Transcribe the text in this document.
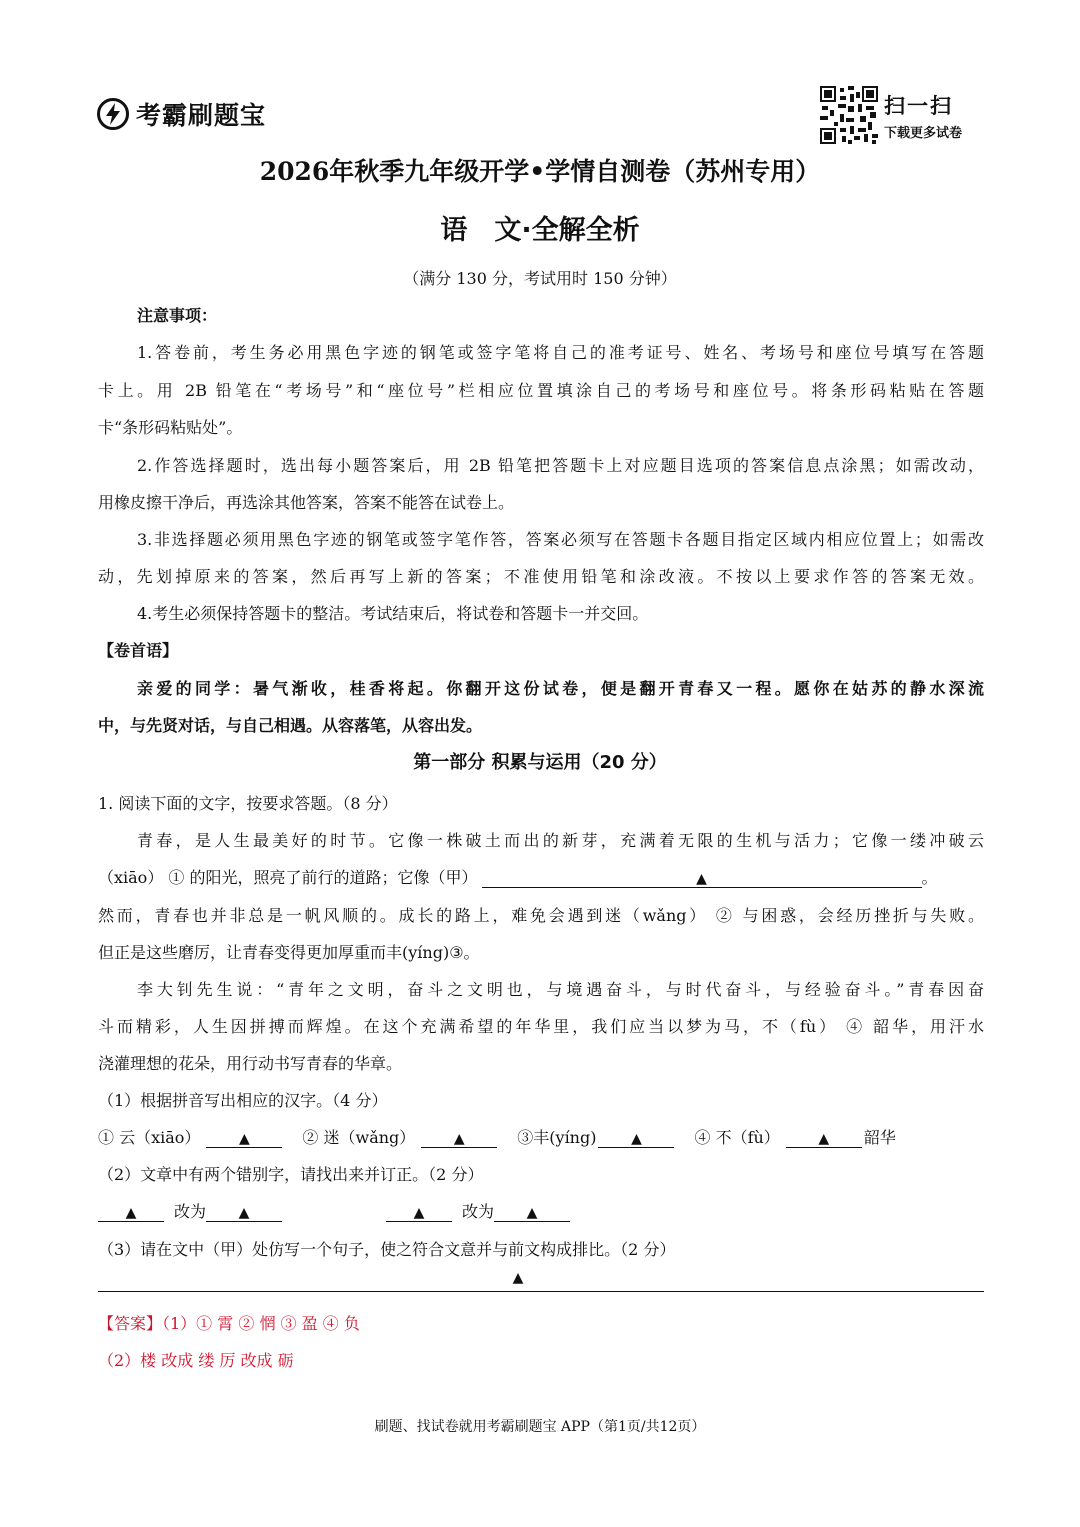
考霸刷题宝	扫一扫
下载更多试卷
2026年秋季九年级开学•学情自测卷（苏州专用）
语　文·全解全析
（满分 130 分，考试用时 150 分钟）
注意事项：
1.答卷前，考生务必用黑色字迹的钢笔或签字笔将自己的准考证号、姓名、考场号和座位号填写在答题
卡上。用 2B 铅笔在“考场号”和“座位号”栏相应位置填涂自己的考场号和座位号。将条形码粘贴在答题
卡“条形码粘贴处”。
2.作答选择题时，选出每小题答案后，用 2B 铅笔把答题卡上对应题目选项的答案信息点涂黑；如需改动，
用橡皮擦干净后，再选涂其他答案，答案不能答在试卷上。
3.非选择题必须用黑色字迹的钢笔或签字笔作答，答案必须写在答题卡各题目指定区域内相应位置上；如需改
动，先划掉原来的答案，然后再写上新的答案；不准使用铅笔和涂改液。不按以上要求作答的答案无效。
4.考生必须保持答题卡的整洁。考试结束后，将试卷和答题卡一并交回。
【卷首语】
亲爱的同学：暑气渐收，桂香将起。你翻开这份试卷，便是翻开青春又一程。愿你在姑苏的静水深流
中，与先贤对话，与自己相遇。从容落笔，从容出发。
第一部分 积累与运用（20 分）
1. 阅读下面的文字，按要求答题。（8 分）
青春，是人生最美好的时节。它像一株破土而出的新芽，充满着无限的生机与活力；它像一缕冲破云
（xiāo） ① 的阳光，照亮了前行的道路；它像（甲）	▲	。
然而，青春也并非总是一帆风顺的。成长的路上，难免会遇到迷（wǎng） ② 与困惑，会经历挫折与失败。
但正是这些磨厉，让青春变得更加厚重而丰(yíng)③。
李大钊先生说：“青年之文明，奋斗之文明也，与境遇奋斗，与时代奋斗，与经验奋斗。”青春因奋
斗而精彩，人生因拼搏而辉煌。在这个充满希望的年华里，我们应当以梦为马，不（fù） ④ 韶华，用汗水
浇灌理想的花朵，用行动书写青春的华章。
（1）根据拼音写出相应的汉字。（4 分）
① 云（xiāo）	▲	② 迷（wǎng）	▲	③丰(yíng)	▲	④ 不（fù）	▲	韶华
（2）文章中有两个错别字，请找出来并订正。（2 分）
▲	改为	▲	▲	改为	▲
（3）请在文中（甲）处仿写一个句子，使之符合文意并与前文构成排比。（2 分）
▲
【答案】（1）① 霄 ② 惘 ③ 盈 ④ 负
（2）楼 改成 缕 厉 改成 砺
刷题、找试卷就用考霸刷题宝 APP（第1页/共12页）
